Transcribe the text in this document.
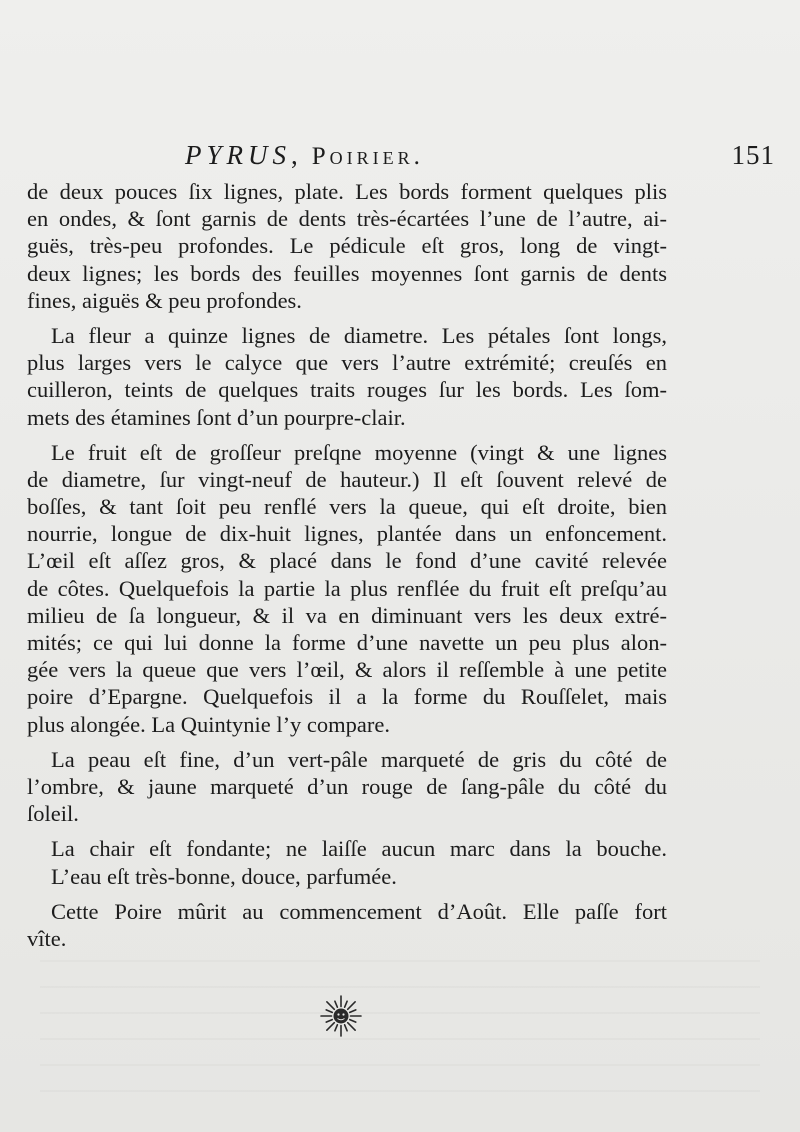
PYRUS , Poirier.	151
de deux pouces ſix lignes, plate. Les bords forment quelques plis
en ondes, & ſont garnis de dents très-écartées l’une de l’autre, ai-
guës, très-peu profondes. Le pédicule eſt gros, long de vingt-
deux lignes; les bords des feuilles moyennes ſont garnis de dents
fines, aiguës & peu profondes.
La fleur a quinze lignes de diametre. Les pétales ſont longs,
plus larges vers le calyce que vers l’autre extrémité; creuſés en
cuilleron, teints de quelques traits rouges ſur les bords. Les ſom-
mets des étamines ſont d’un pourpre-clair.
Le fruit eſt de groſſeur preſqne moyenne (vingt & une lignes
de diametre, ſur vingt-neuf de hauteur.) Il eſt ſouvent relevé de
boſſes, & tant ſoit peu renflé vers la queue, qui eſt droite, bien
nourrie, longue de dix-huit lignes, plantée dans un enfoncement.
L’œil eſt aſſez gros, & placé dans le fond d’une cavité relevée
de côtes. Quelquefois la partie la plus renflée du fruit eſt preſqu’au
milieu de ſa longueur, & il va en diminuant vers les deux extré-
mités; ce qui lui donne la forme d’une navette un peu plus alon-
gée vers la queue que vers l’œil, & alors il reſſemble à une petite
poire d’Epargne. Quelquefois il a la forme du Rouſſelet, mais
plus alongée. La Quintynie l’y compare.
La peau eſt fine, d’un vert-pâle marqueté de gris du côté de
l’ombre, & jaune marqueté d’un rouge de ſang-pâle du côté du
ſoleil.
La chair eſt fondante; ne laiſſe aucun marc dans la bouche.
L’eau eſt très-bonne, douce, parfumée.
Cette Poire mûrit au commencement d’Août. Elle paſſe fort
vîte.
